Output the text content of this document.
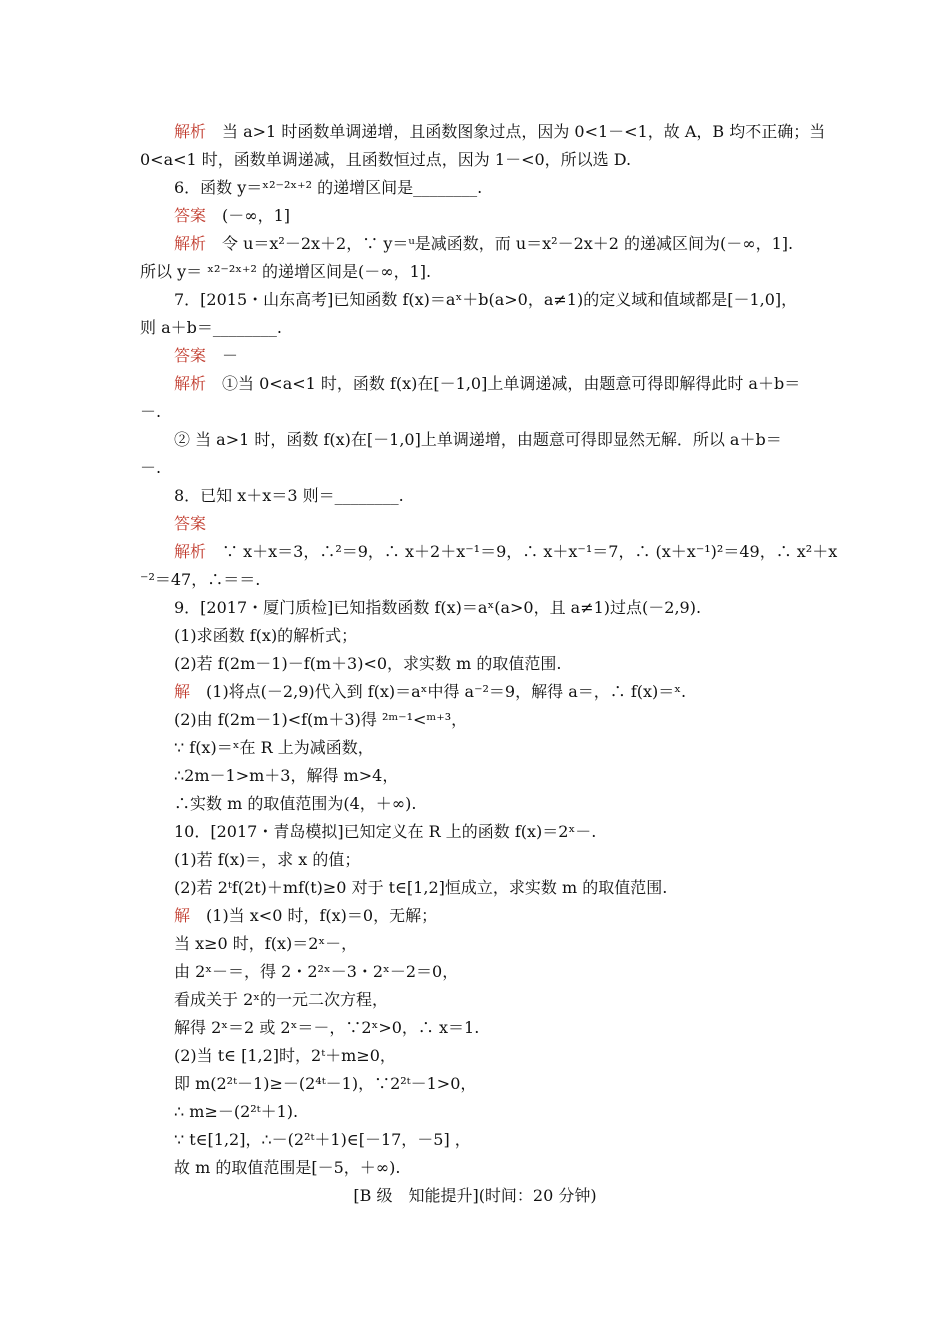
解析　当 a>1 时函数单调递增，且函数图象过点，因为 0<1－<1，故 A，B 均不正确；当
0<a<1 时，函数单调递减，且函数恒过点，因为 1－<0，所以选 D.
6．函数 y＝ˣ²⁻²ˣ⁺² 的递增区间是________.
答案　(－∞，1]
解析　令 u＝x²－2x＋2，∵ y＝ᵘ是减函数，而 u＝x²－2x＋2 的递减区间为(－∞，1].
所以 y＝ ˣ²⁻²ˣ⁺² 的递增区间是(－∞，1].
7．[2015・山东高考]已知函数 f(x)＝aˣ＋b(a>0，a≠1)的定义域和值域都是[－1,0]，
则 a＋b＝________.
答案　－
解析　①当 0<a<1 时，函数 f(x)在[－1,0]上单调递减，由题意可得即解得此时 a＋b＝
－.
② 当 a>1 时，函数 f(x)在[－1,0]上单调递增，由题意可得即显然无解．所以 a＋b＝
－.
8．已知 x＋x＝3 则＝________.
答案
解析　∵ x＋x＝3，∴²＝9，∴ x＋2＋x⁻¹＝9，∴ x＋x⁻¹＝7，∴ (x＋x⁻¹)²＝49，∴ x²＋x
⁻²＝47，∴＝＝.
9．[2017・厦门质检]已知指数函数 f(x)＝aˣ(a>0，且 a≠1)过点(－2,9).
(1)求函数 f(x)的解析式；
(2)若 f(2m－1)－f(m＋3)<0，求实数 m 的取值范围.
解　(1)将点(－2,9)代入到 f(x)＝aˣ中得 a⁻²＝9，解得 a＝，∴ f(x)＝ˣ.
(2)由 f(2m－1)<f(m＋3)得 ²ᵐ⁻¹<ᵐ⁺³，
∵ f(x)＝ˣ在 R 上为减函数，
∴2m－1>m＋3，解得 m>4，
∴实数 m 的取值范围为(4，＋∞).
10．[2017・青岛模拟]已知定义在 R 上的函数 f(x)＝2ˣ－.
(1)若 f(x)＝，求 x 的值；
(2)若 2ᵗf(2t)＋mf(t)≥0 对于 t∈[1,2]恒成立，求实数 m 的取值范围.
解　(1)当 x<0 时，f(x)＝0，无解；
当 x≥0 时，f(x)＝2ˣ－，
由 2ˣ－＝，得 2・2²ˣ－3・2ˣ－2＝0，
看成关于 2ˣ的一元二次方程，
解得 2ˣ＝2 或 2ˣ＝－，∵2ˣ>0，∴ x＝1.
(2)当 t∈ [1,2]时，2ᵗ＋m≥0，
即 m(2²ᵗ－1)≥－(2⁴ᵗ－1)，∵2²ᵗ－1>0，
∴ m≥－(2²ᵗ＋1).
∵ t∈[1,2]，∴－(2²ᵗ＋1)∈[－17，－5] ，
故 m 的取值范围是[－5，＋∞).
[B 级　知能提升](时间：20 分钟)
